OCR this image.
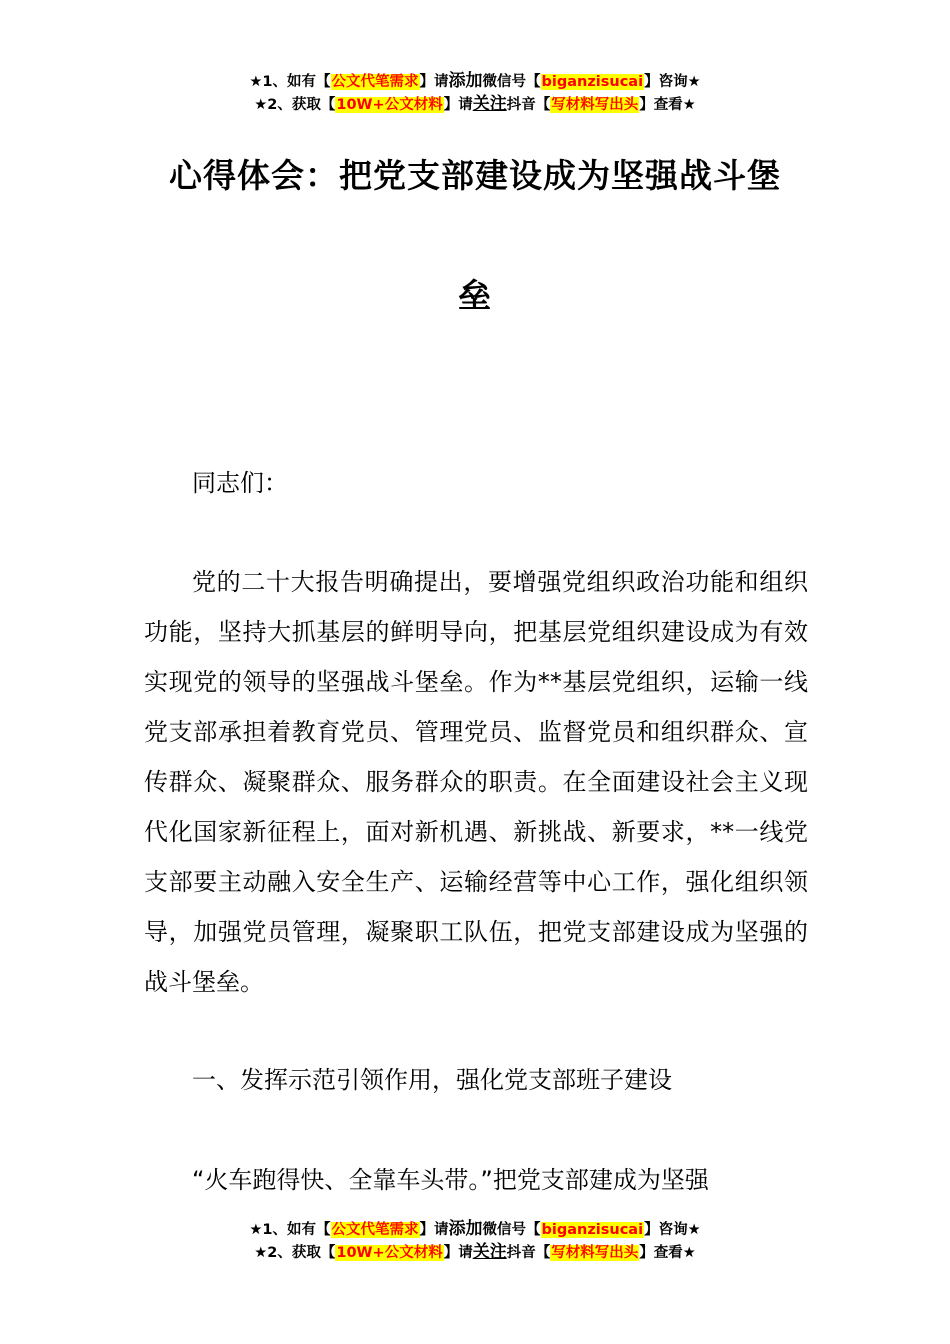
★1、如有【公文代笔需求】请添加微信号【biganzisucai】咨询★
★2、获取【10W+公文材料】请关注抖音【写材料写出头】查看★
心得体会：把党支部建设成为坚强战斗堡
垒
同志们：
党的二十大报告明确提出，要增强党组织政治功能和组织功能，坚持大抓基层的鲜明导向，把基层党组织建设成为有效实现党的领导的坚强战斗堡垒。作为**基层党组织，运输一线党支部承担着教育党员、管理党员、监督党员和组织群众、宣传群众、凝聚群众、服务群众的职责。在全面建设社会主义现代化国家新征程上，面对新机遇、新挑战、新要求，**一线党支部要主动融入安全生产、运输经营等中心工作，强化组织领导，加强党员管理，凝聚职工队伍，把党支部建设成为坚强的战斗堡垒。
一、发挥示范引领作用，强化党支部班子建设
“火车跑得快、全靠车头带。”把党支部建成为坚强
★1、如有【公文代笔需求】请添加微信号【biganzisucai】咨询★
★2、获取【10W+公文材料】请关注抖音【写材料写出头】查看★
